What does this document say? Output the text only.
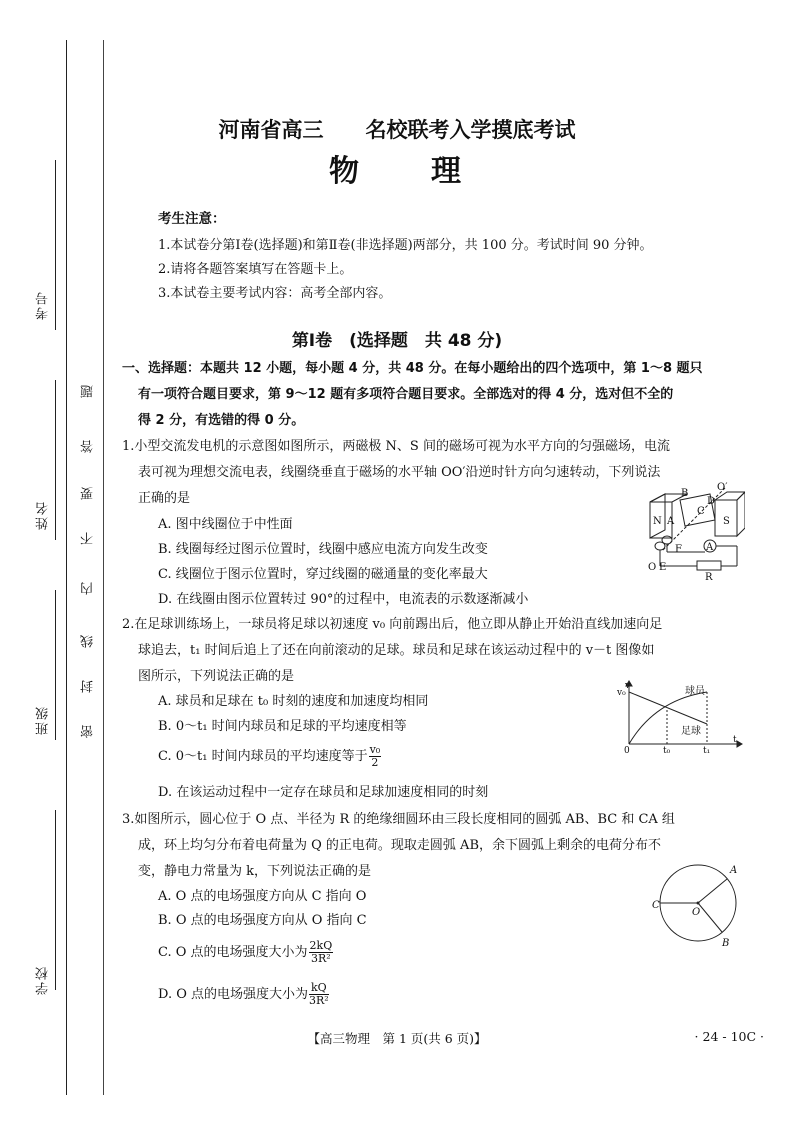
考号
姓名
班级
学校
题
答
要
不
内
线
封
密
河南省高三　　名校联考入学摸底考试
物　　理
考生注意：
1.本试卷分第Ⅰ卷(选择题)和第Ⅱ卷(非选择题)两部分，共 100 分。考试时间 90 分钟。
2.请将各题答案填写在答题卡上。
3.本试卷主要考试内容：高考全部内容。
第Ⅰ卷　(选择题　共 48 分)
一、选择题：本题共 12 小题，每小题 4 分，共 48 分。在每小题给出的四个选项中，第 1～8 题只
有一项符合题目要求，第 9～12 题有多项符合题目要求。全部选对的得 4 分，选对但不全的
得 2 分，有选错的得 0 分。
1.小型交流发电机的示意图如图所示，两磁极 N、S 间的磁场可视为水平方向的匀强磁场，电流
表可视为理想交流电表，线圈绕垂直于磁场的水平轴 OO′沿逆时针方向匀速转动，下列说法
正确的是
A. 图中线圈位于中性面
B. 线圈每经过图示位置时，线圈中感应电流方向发生改变
C. 线圈位于图示位置时，穿过线圈的磁通量的变化率最大
D. 在线圈由图示位置转过 90°的过程中，电流表的示数逐渐减小
O′
B
C
D
N A	S
F A
O E
R
2.在足球训练场上，一球员将足球以初速度 v₀ 向前踢出后，他立即从静止开始沿直线加速向足
球追去，t₁ 时间后追上了还在向前滚动的足球。球员和足球在该运动过程中的 v－t 图像如
图所示，下列说法正确的是
A. 球员和足球在 t₀ 时刻的速度和加速度均相同
B. 0～t₁ 时间内球员和足球的平均速度相等
C. 0～t₁ 时间内球员的平均速度等于 $\frac{\text{v₀}}{2}$
D. 在该运动过程中一定存在球员和足球加速度相同的时刻
v
v₀	球员
足球
0	t₀	t₁
t
3.如图所示，圆心位于 O 点、半径为 R 的绝缘细圆环由三段长度相同的圆弧 AB、BC 和 CA 组
成，环上均匀分布着电荷量为 Q 的正电荷。现取走圆弧 AB，余下圆弧上剩余的电荷分布不
变，静电力常量为 k，下列说法正确的是
A. O 点的电场强度方向从 C 指向 O
B. O 点的电场强度方向从 O 指向 C
C. O 点的电场强度大小为 $\frac{2kQ}{\text{3R²}}$
D. O 点的电场强度大小为 $\frac{kQ}{\text{3R²}}$
A
B
C
O
【高三物理　第 1 页(共 6 页)】	· 24 - 10C ·
